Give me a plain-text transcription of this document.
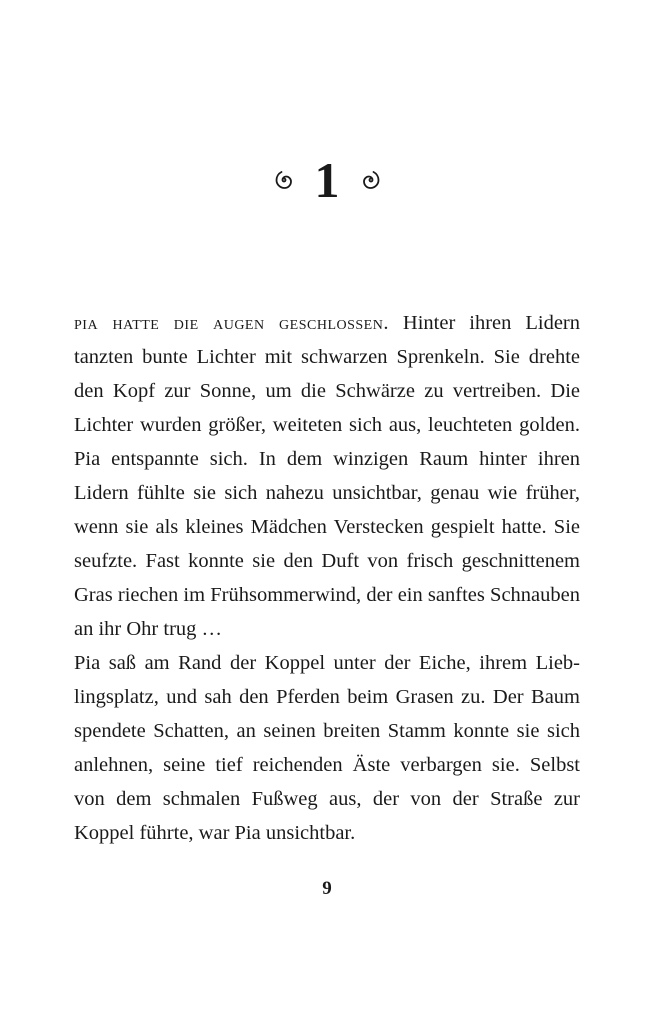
1

pia hatte die augen geschlossen. Hinter ihren Lidern tanzten bunte Lichter mit schwarzen Sprenkeln. Sie drehte den Kopf zur Sonne, um die Schwärze zu vertreiben. Die Lichter wurden größer, weiteten sich aus, leuchteten golden. Pia entspannte sich. In dem winzigen Raum hinter ihren Lidern fühlte sie sich nahezu unsichtbar, genau wie früher, wenn sie als kleines Mädchen Verstecken gespielt hatte. Sie seufzte. Fast konnte sie den Duft von frisch geschnittenem Gras riechen im Frühsommerwind, der ein sanftes Schnauben an ihr Ohr trug …

Pia saß am Rand der Koppel unter der Eiche, ihrem Lieblingsplatz, und sah den Pferden beim Grasen zu. Der Baum spendete Schatten, an seinen breiten Stamm konnte sie sich anlehnen, seine tief reichenden Äste verbargen sie. Selbst von dem schmalen Fußweg aus, der von der Straße zur Koppel führte, war Pia unsichtbar.

9
